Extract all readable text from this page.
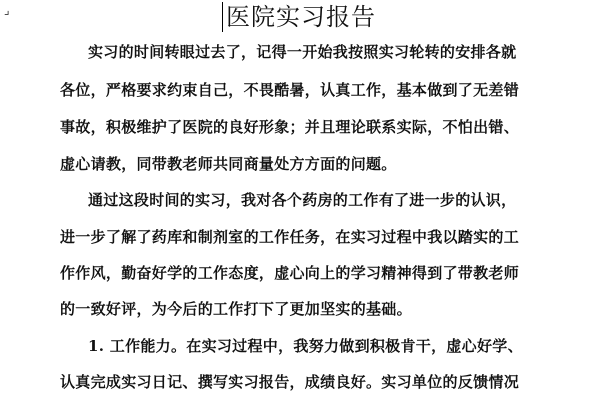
⌟	医院实习报告

实习的时间转眼过去了，记得一开始我按照实习轮转的安排各就

各位，严格要求约束自己，不畏酷暑，认真工作，基本做到了无差错

事故，积极维护了医院的良好形象；并且理论联系实际，不怕出错、

虚心请教，同带教老师共同商量处方方面的问题。

通过这段时间的实习，我对各个药房的工作有了进一步的认识，

进一步了解了药库和制剂室的工作任务，在实习过程中我以踏实的工

作作风，勤奋好学的工作态度，虚心向上的学习精神得到了带教老师

的一致好评，为今后的工作打下了更加坚实的基础。

1. 工作能力。在实习过程中，我努力做到积极肯干，虚心好学、

认真完成实习日记、撰写实习报告，成绩良好。实习单位的反馈情况
